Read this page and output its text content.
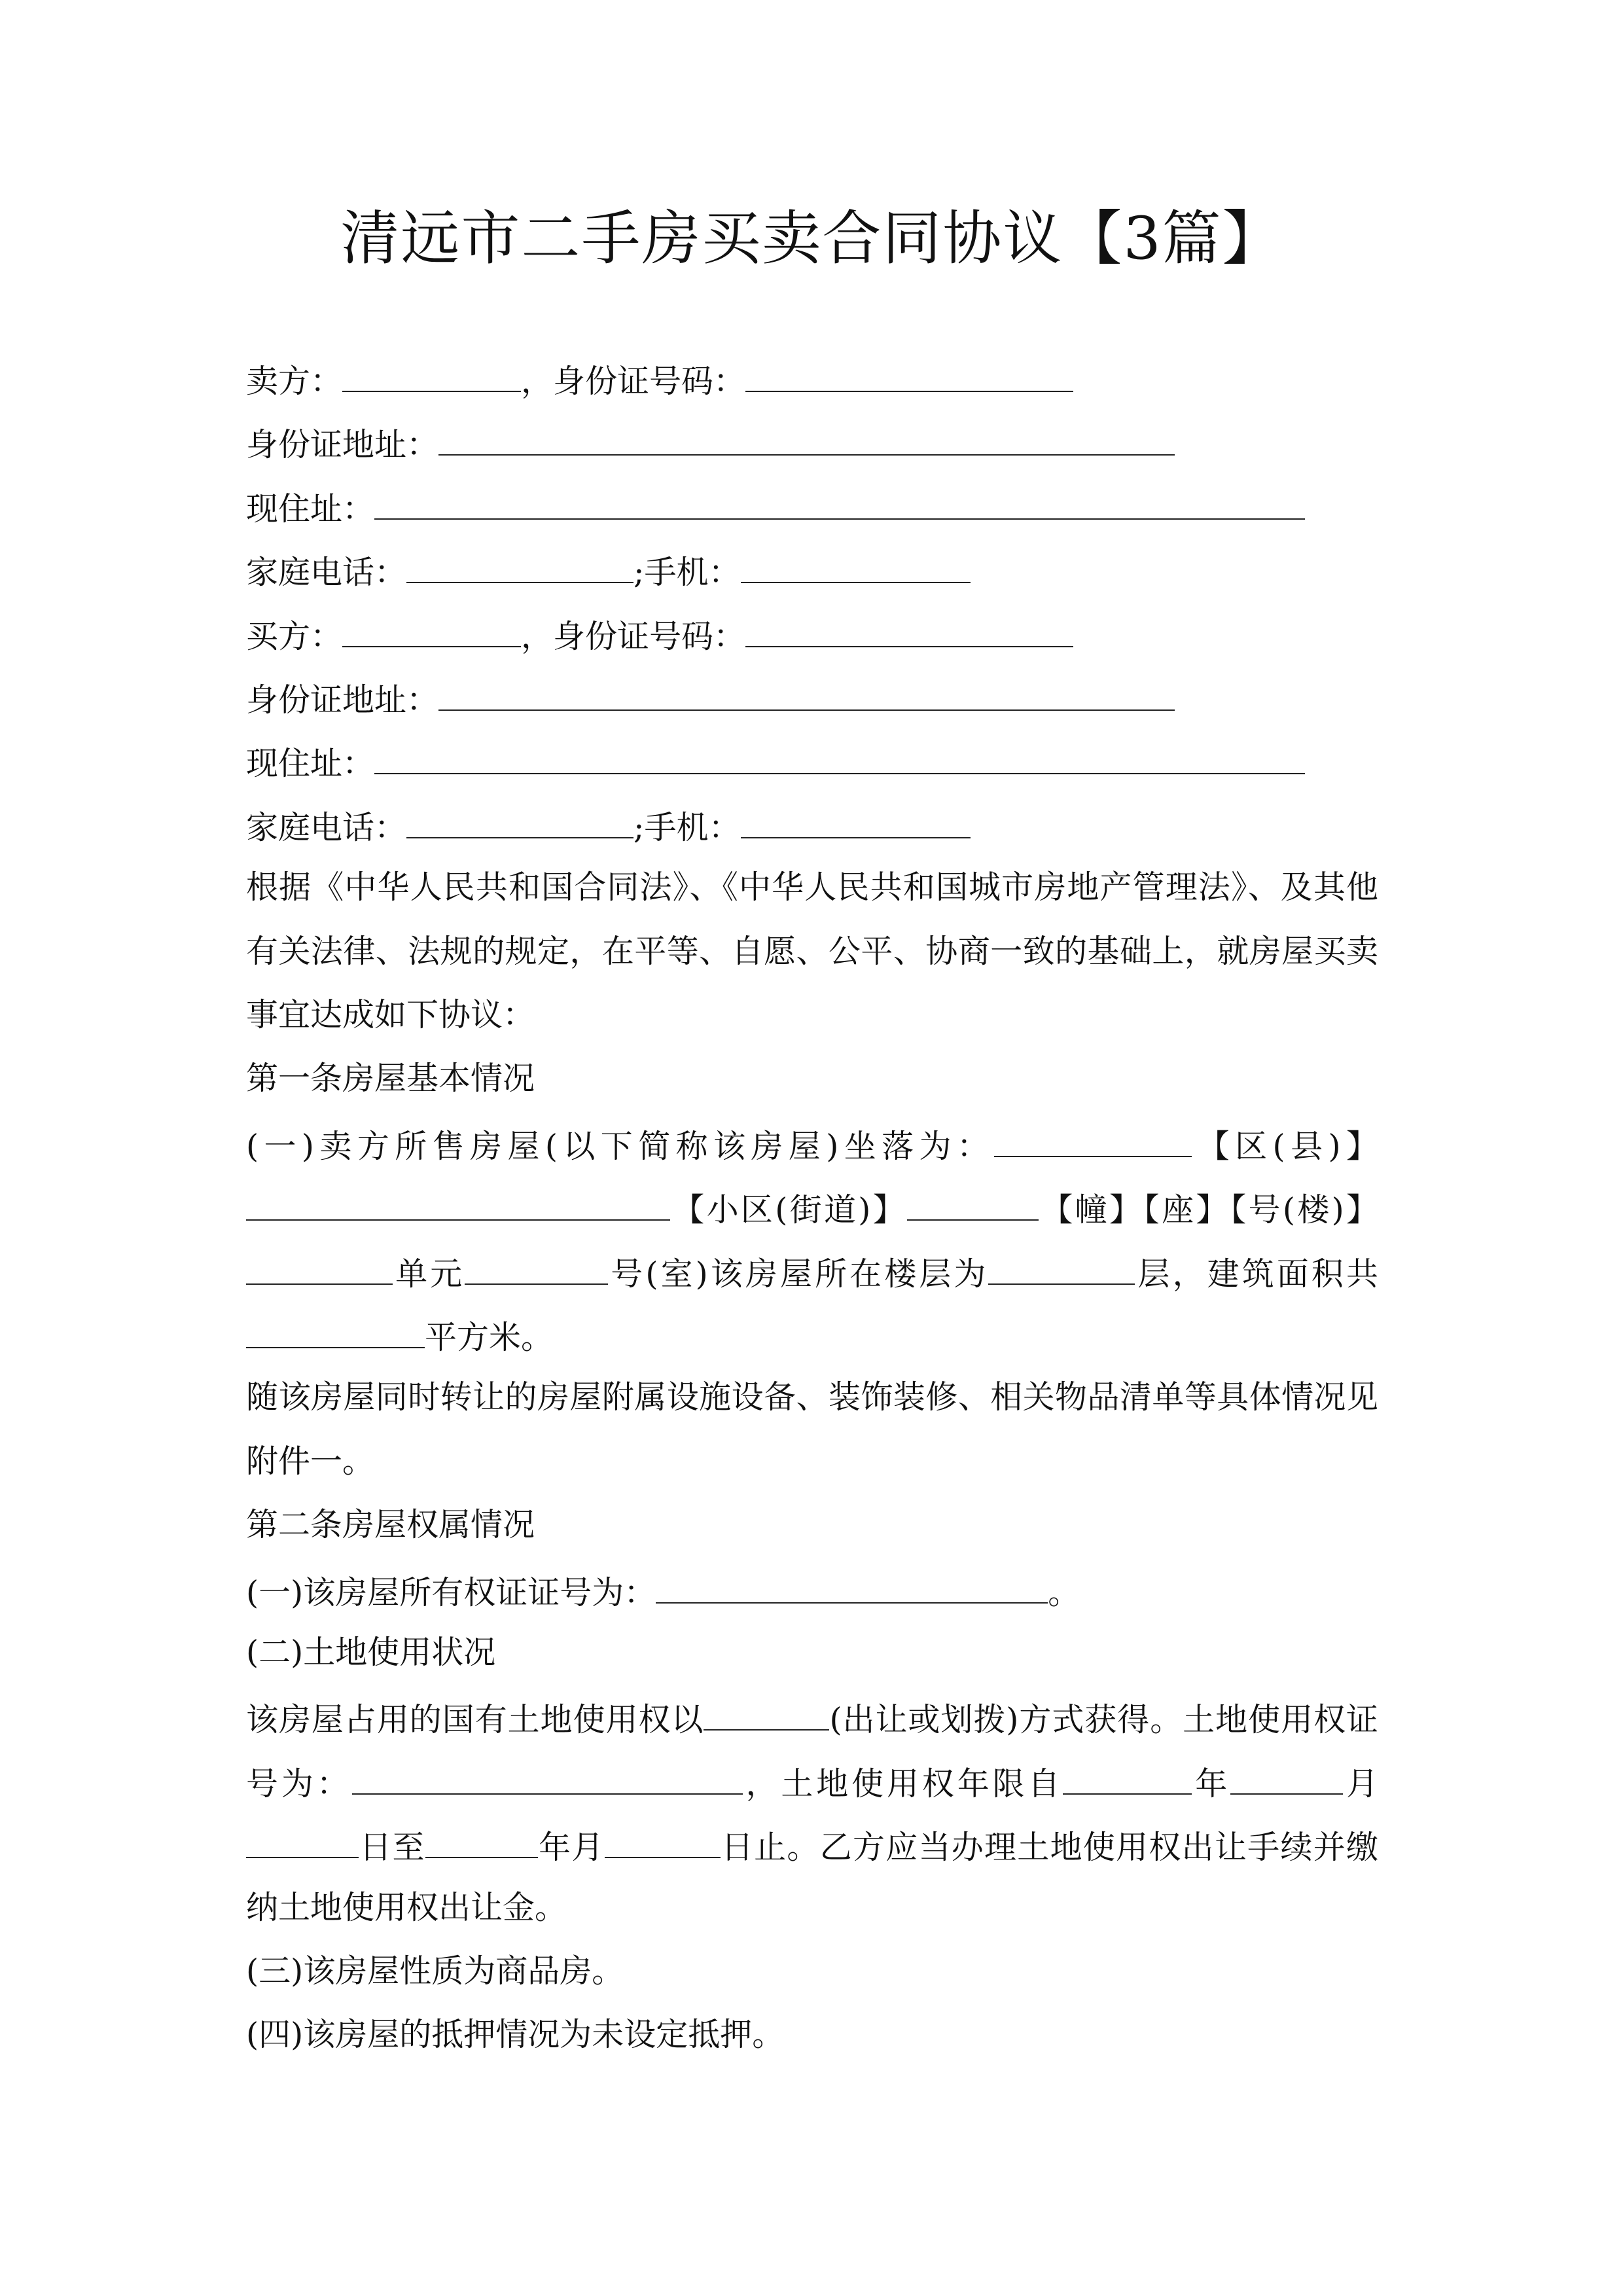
清远市二手房买卖合同协议【3篇】
卖方：	，身份证号码：
身份证地址：
现住址：
家庭电话：	;手机：
买方：	，身份证号码：
身份证地址：
现住址：
家庭电话：	;手机：
根据《中华人民共和国合同法》、《中华人民共和国城市房地产管理法》、及其他
有关法律、法规的规定，在平等、自愿、公平、协商一致的基础上，就房屋买卖
事宜达成如下协议：
第一条房屋基本情况
(一)卖方所售房屋(以下简称该房屋)坐落为：	【区(县)】
【小区(街道)】	【幢】【座】【号(楼)】
单元	号(室)该房屋所在楼层为	层，建筑面积共
平方米。
随该房屋同时转让的房屋附属设施设备、装饰装修、相关物品清单等具体情况见
附件一。
第二条房屋权属情况
(一)该房屋所有权证证号为：	。
(二)土地使用状况
该房屋占用的国有土地使用权以	(出让或划拨)方式获得。土地使用权证
号为：	，土地使用权年限自	年	月
日至	年月	日止。乙方应当办理土地使用权出让手续并缴
纳土地使用权出让金。
(三)该房屋性质为商品房。
(四)该房屋的抵押情况为未设定抵押。
